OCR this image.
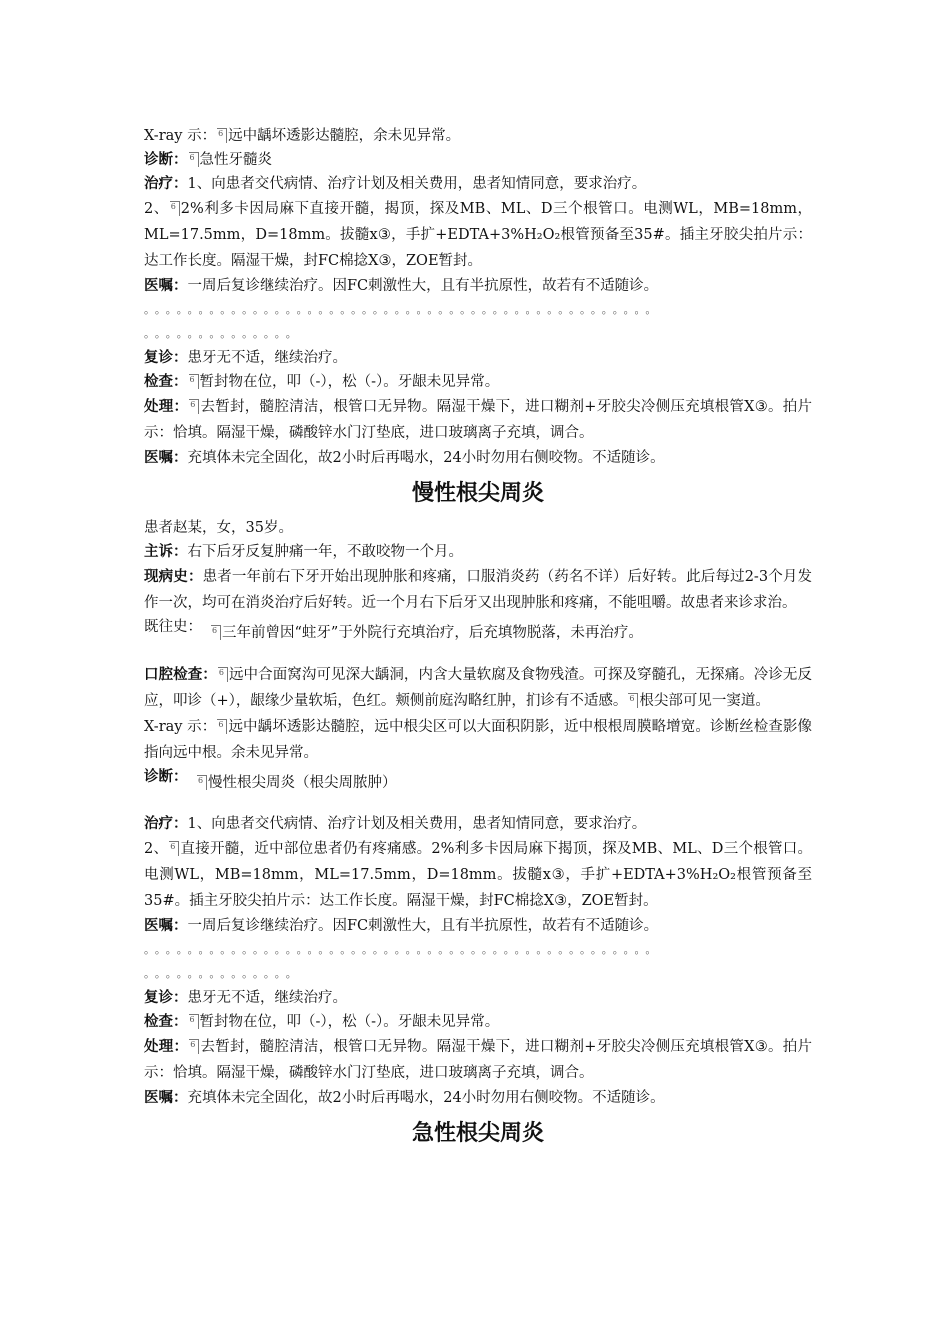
X-ray 示： 6 远中龋坏透影达髓腔，余未见异常。
诊断： 6 急性牙髓炎
治疗：1、向患者交代病情、治疗计划及相关费用，患者知情同意，要求治疗。
2、 6 2%利多卡因局麻下直接开髓，揭顶，探及MB、ML、D三个根管口。电测WL，MB=18mm，ML=17.5mm，D=18mm。拔髓x③，手扩+EDTA+3%H₂O₂根管预备至35#。插主牙胶尖拍片示：达工作长度。隔湿干燥，封FC棉捻X③，ZOE暂封。
医嘱：一周后复诊继续治疗。因FC刺激性大，且有半抗原性，故若有不适随诊。
。。。。。。。。。。。。。。。。。。。。。。。。。。。。。。。。。。。。。。。。。。。。。。。
。。。。。。。。。。。。。。
复诊：患牙无不适，继续治疗。
检查： 6 暂封物在位，叩（-），松（-）。牙龈未见异常。
处理： 6 去暂封，髓腔清洁，根管口无异物。隔湿干燥下，进口糊剂+牙胶尖冷侧压充填根管X③。拍片示：恰填。隔湿干燥，磷酸锌水门汀垫底，进口玻璃离子充填，调合。
医嘱：充填体未完全固化，故2小时后再喝水，24小时勿用右侧咬物。不适随诊。
慢性根尖周炎
患者赵某，女，35岁。
主诉：右下后牙反复肿痛一年，不敢咬物一个月。
现病史：患者一年前右下牙开始出现肿胀和疼痛，口服消炎药（药名不详）后好转。此后每过2-3个月发作一次，均可在消炎治疗后好转。近一个月右下后牙又出现肿胀和疼痛，不能咀嚼。故患者来诊求治。
既往史：	6 三年前曾因“蛀牙”于外院行充填治疗，后充填物脱落，未再治疗。
口腔检查： 6 远中合面窝沟可见深大龋洞，内含大量软腐及食物残渣。可探及穿髓孔，无探痛。冷诊无反应，叩诊（+），龈缘少量软垢，色红。颊侧前庭沟略红肿，扪诊有不适感。 6 根尖部可见一窦道。
X-ray 示： 6 远中龋坏透影达髓腔，远中根尖区可以大面积阴影，近中根根周膜略增宽。诊断丝检查影像指向远中根。余未见异常。
诊断：	6 慢性根尖周炎（根尖周脓肿）
治疗：1、向患者交代病情、治疗计划及相关费用，患者知情同意，要求治疗。
2、 6 直接开髓，近中部位患者仍有疼痛感。2%利多卡因局麻下揭顶，探及MB、ML、D三个根管口。电测WL，MB=18mm，ML=17.5mm，D=18mm。拔髓x③，手扩+EDTA+3%H₂O₂根管预备至35#。插主牙胶尖拍片示：达工作长度。隔湿干燥，封FC棉捻X③，ZOE暂封。
医嘱：一周后复诊继续治疗。因FC刺激性大，且有半抗原性，故若有不适随诊。
。。。。。。。。。。。。。。。。。。。。。。。。。。。。。。。。。。。。。。。。。。。。。。。
。。。。。。。。。。。。。。
复诊：患牙无不适，继续治疗。
检查： 6 暂封物在位，叩（-），松（-）。牙龈未见异常。
处理： 6 去暂封，髓腔清洁，根管口无异物。隔湿干燥下，进口糊剂+牙胶尖冷侧压充填根管X③。拍片示：恰填。隔湿干燥，磷酸锌水门汀垫底，进口玻璃离子充填，调合。
医嘱：充填体未完全固化，故2小时后再喝水，24小时勿用右侧咬物。不适随诊。
急性根尖周炎
